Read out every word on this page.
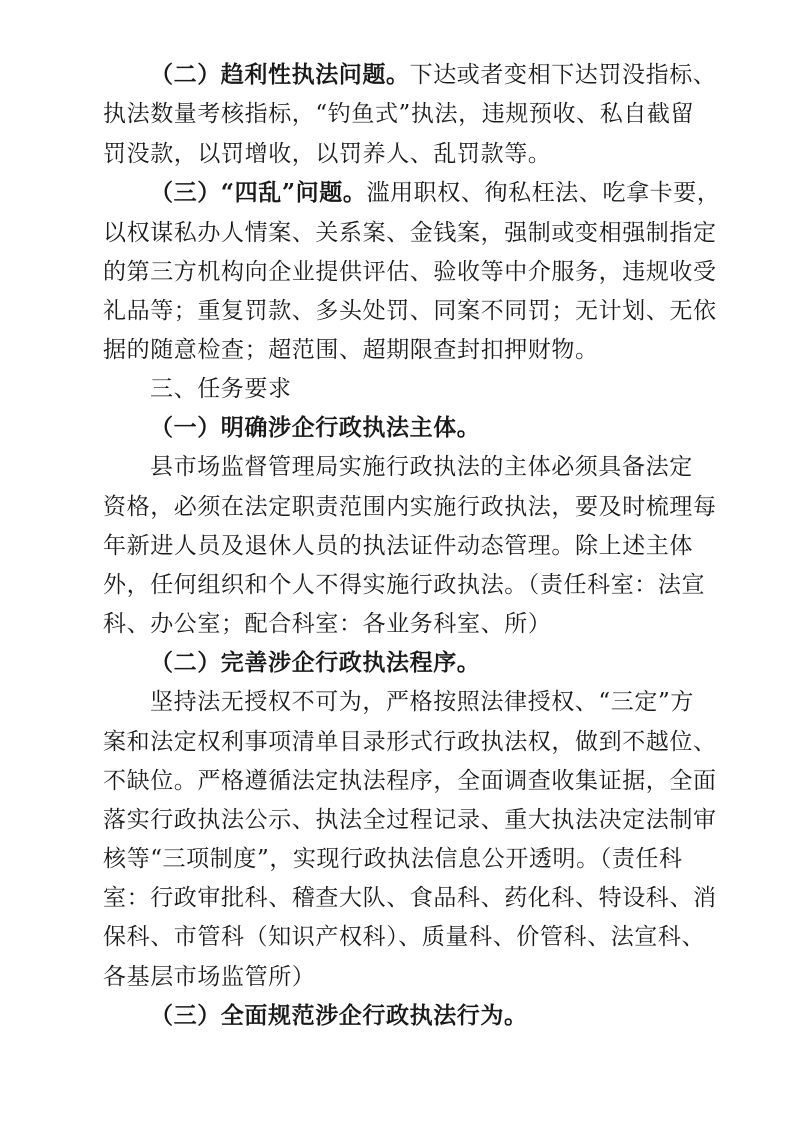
（二）趋利性执法问题。下达或者变相下达罚没指标、
执法数量考核指标，“钓鱼式”执法，违规预收、私自截留
罚没款，以罚增收，以罚养人、乱罚款等。
（三）“四乱”问题。滥用职权、徇私枉法、吃拿卡要，
以权谋私办人情案、关系案、金钱案，强制或变相强制指定
的第三方机构向企业提供评估、验收等中介服务，违规收受
礼品等；重复罚款、多头处罚、同案不同罚；无计划、无依
据的随意检查；超范围、超期限查封扣押财物。
三、任务要求
（一）明确涉企行政执法主体。
县市场监督管理局实施行政执法的主体必须具备法定
资格，必须在法定职责范围内实施行政执法，要及时梳理每
年新进人员及退休人员的执法证件动态管理。除上述主体
外，任何组织和个人不得实施行政执法。（责任科室：法宣
科、办公室；配合科室：各业务科室、所）
（二）完善涉企行政执法程序。
坚持法无授权不可为，严格按照法律授权、“三定”方
案和法定权利事项清单目录形式行政执法权，做到不越位、
不缺位。严格遵循法定执法程序，全面调查收集证据，全面
落实行政执法公示、执法全过程记录、重大执法决定法制审
核等“三项制度”，实现行政执法信息公开透明。（责任科
室：行政审批科、稽查大队、食品科、药化科、特设科、消
保科、市管科（知识产权科）、质量科、价管科、法宣科、
各基层市场监管所）
（三）全面规范涉企行政执法行为。
